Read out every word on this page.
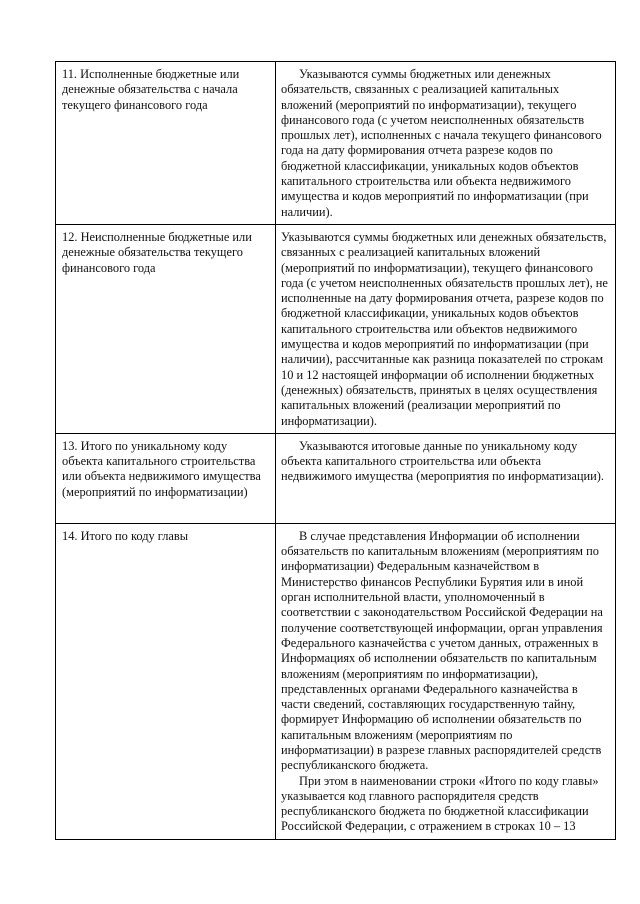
11. Исполненные бюджетные или денежные обязательства с начала текущего финансового года	Указываются суммы бюджетных или денежных обязательств, связанных с реализацией капитальных вложений (мероприятий по информатизации), текущего финансового года (с учетом неисполненных обязательств прошлых лет), исполненных с начала текущего финансового года на дату формирования отчета разрезе кодов по бюджетной классификации, уникальных кодов объектов капитального строительства или объекта недвижимого имущества и кодов мероприятий по информатизации (при наличии).

12. Неисполненные бюджетные или денежные обязательства текущего финансового года	Указываются суммы бюджетных или денежных обязательств, связанных с реализацией капитальных вложений (мероприятий по информатизации), текущего финансового года (с учетом неисполненных обязательств прошлых лет), не исполненные на дату формирования отчета, разрезе кодов по бюджетной классификации, уникальных кодов объектов капитального строительства или объектов недвижимого имущества и кодов мероприятий по информатизации (при наличии), рассчитанные как разница показателей по строкам 10 и 12 настоящей информации об исполнении бюджетных (денежных) обязательств, принятых в целях осуществления капитальных вложений (реализации мероприятий по информатизации).

13. Итого по уникальному коду объекта капитального строительства или объекта недвижимого имущества (мероприятий по информатизации)	Указываются итоговые данные по уникальному коду объекта капитального строительства или объекта недвижимого имущества (мероприятия по информатизации).

14. Итого по коду главы	В случае представления Информации об исполнении обязательств по капитальным вложениям (мероприятиям по информатизации) Федеральным казначейством в Министерство финансов Республики Бурятия или в иной орган исполнительной власти, уполномоченный в соответствии с законодательством Российской Федерации на получение соответствующей информации, орган управления Федерального казначейства с учетом данных, отраженных в Информациях об исполнении обязательств по капитальным вложениям (мероприятиям по информатизации), представленных органами Федерального казначейства в части сведений, составляющих государственную тайну, формирует Информацию об исполнении обязательств по капитальным вложениям (мероприятиям по информатизации) в разрезе главных распорядителей средств республиканского бюджета.

При этом в наименовании строки «Итого по коду главы» указывается код главного распорядителя средств республиканского бюджета по бюджетной классификации Российской Федерации, с отражением в строках 10 – 13
